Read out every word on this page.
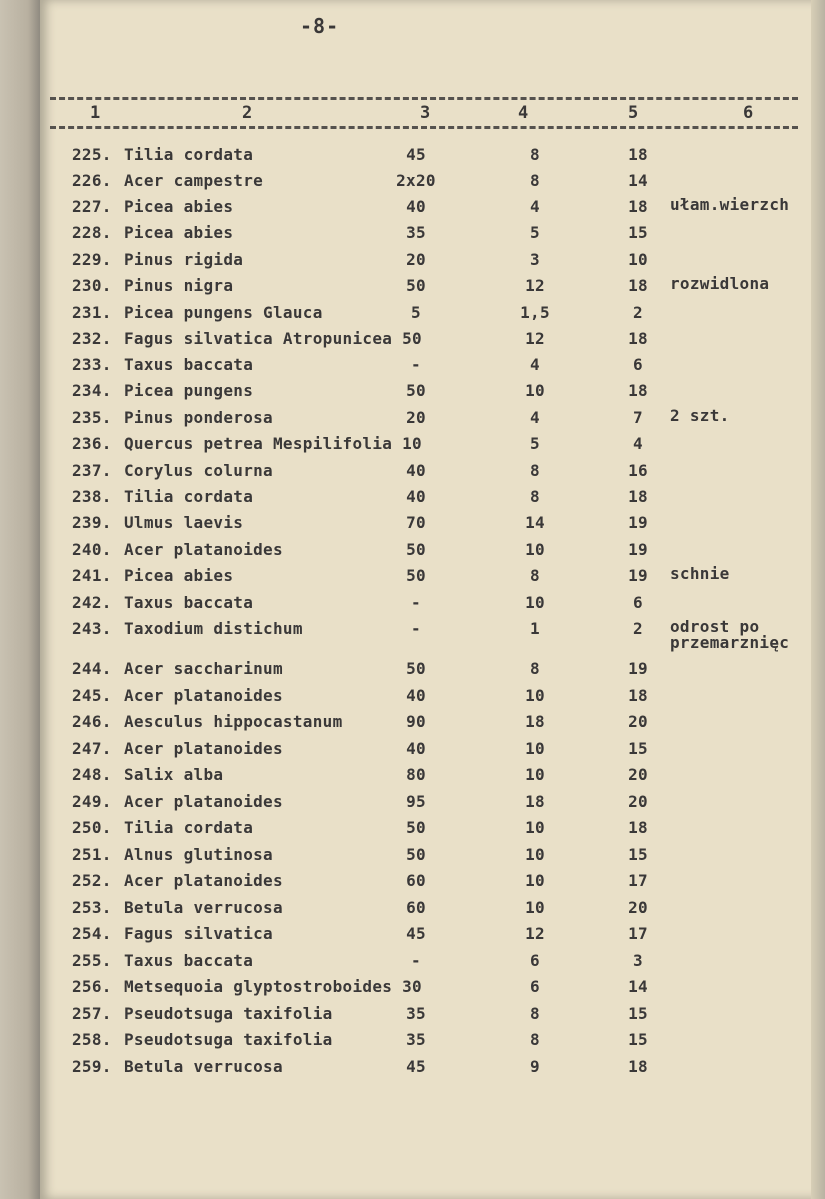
-8-
1	2	3	4	5	6
225. Tilia cordata	45	8	18
226. Acer campestre	2x20	8	14
227. Picea abies	40	4	18	ułam.wierzch
228. Picea abies	35	5	15
229. Pinus rigida	20	3	10
230. Pinus nigra	50	12	18	rozwidlona
231. Picea pungens Glauca	5	1,5	2
232. Fagus silvatica Atropunicea 50	12	18
233. Taxus baccata	-	4	6
234. Picea pungens	50	10	18
235. Pinus ponderosa	20	4	7	2 szt.
236. Quercus petrea Mespilifolia 10	5	4
237. Corylus colurna	40	8	16
238. Tilia cordata	40	8	18
239. Ulmus laevis	70	14	19
240. Acer platanoides	50	10	19
241. Picea abies	50	8	19	schnie
242. Taxus baccata	-	10	6
243. Taxodium distichum	-	1	2	odrost po przemarznięc
244. Acer saccharinum	50	8	19
245. Acer platanoides	40	10	18
246. Aesculus hippocastanum	90	18	20
247. Acer platanoides	40	10	15
248. Salix alba	80	10	20
249. Acer platanoides	95	18	20
250. Tilia cordata	50	10	18
251. Alnus glutinosa	50	10	15
252. Acer platanoides	60	10	17
253. Betula verrucosa	60	10	20
254. Fagus silvatica	45	12	17
255. Taxus baccata	-	6	3
256. Metsequoia glyptostroboides 30	6	14
257. Pseudotsuga taxifolia	35	8	15
258. Pseudotsuga taxifolia	35	8	15
259. Betula verrucosa	45	9	18
